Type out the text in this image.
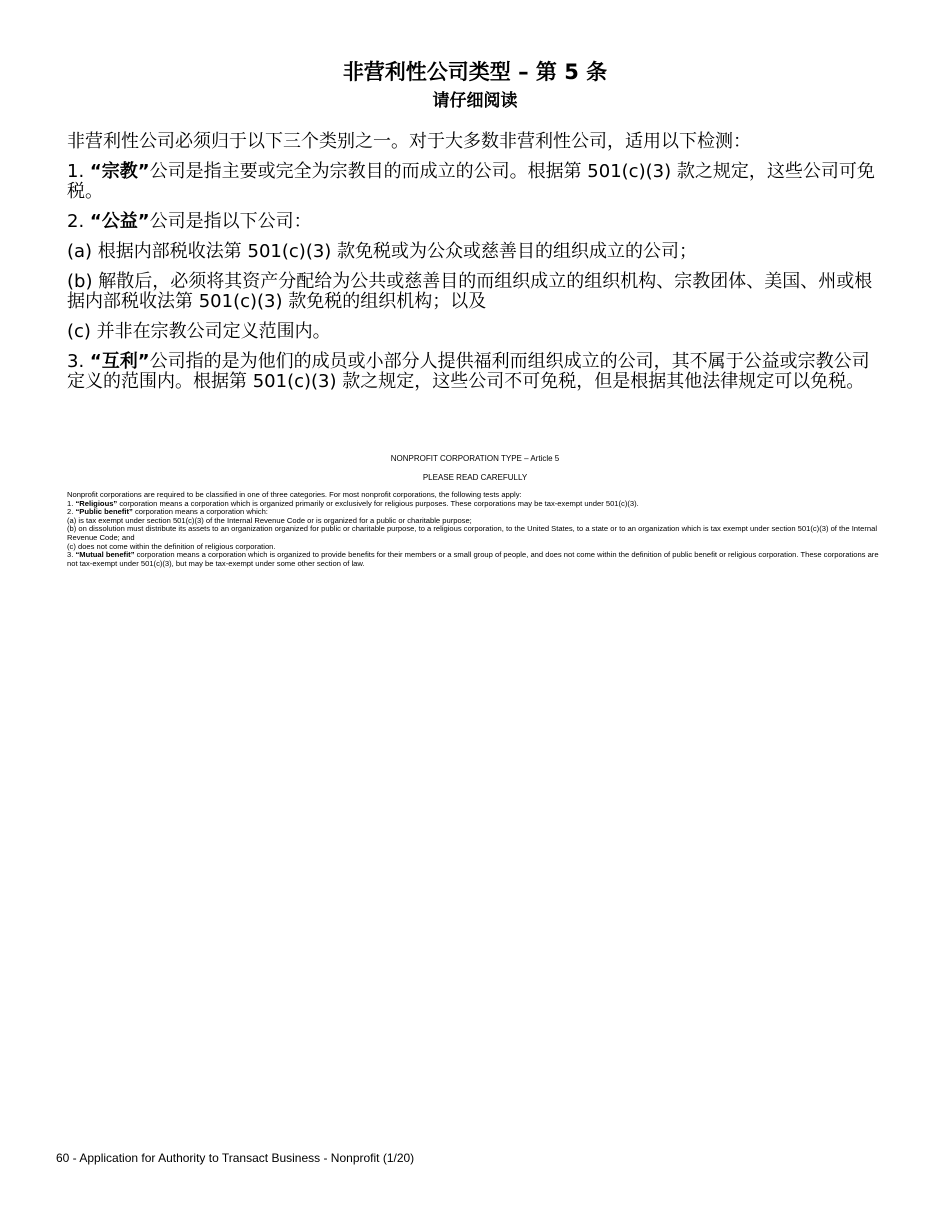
非营利性公司类型 – 第 5 条
请仔细阅读

非营利性公司必须归于以下三个类别之一。对于大多数非营利性公司，适用以下检测：

1. “宗教”公司是指主要或完全为宗教目的而成立的公司。根据第 501(c)(3) 款之规定，这些公司可免税。

2. “公益”公司是指以下公司：

(a) 根据内部税收法第 501(c)(3) 款免税或为公众或慈善目的组织成立的公司；

(b) 解散后，必须将其资产分配给为公共或慈善目的而组织成立的组织机构、宗教团体、美国、州或根据内部税收法第 501(c)(3) 款免税的组织机构；以及

(c) 并非在宗教公司定义范围内。

3. “互利”公司指的是为他们的成员或小部分人提供福利而组织成立的公司，其不属于公益或宗教公司定义的范围内。根据第 501(c)(3) 款之规定，这些公司不可免税，但是根据其他法律规定可以免税。

NONPROFIT CORPORATION TYPE – Article 5
PLEASE READ CAREFULLY

Nonprofit corporations are required to be classified in one of three categories. For most nonprofit corporations, the following tests apply:

1. “Religious” corporation means a corporation which is organized primarily or exclusively for religious purposes. These corporations may be tax-exempt under 501(c)(3).

2. “Public benefit” corporation means a corporation which:

(a) is tax exempt under section 501(c)(3) of the Internal Revenue Code or is organized for a public or charitable purpose;

(b) on dissolution must distribute its assets to an organization organized for public or charitable purpose, to a religious corporation, to the United States, to a state or to an organization which is tax exempt under section 501(c)(3) of the Internal Revenue Code; and

(c) does not come within the definition of religious corporation.

3. “Mutual benefit” corporation means a corporation which is organized to provide benefits for their members or a small group of people, and does not come within the definition of public benefit or religious corporation. These corporations are not tax-exempt under 501(c)(3), but may be tax-exempt under some other section of law.

60 - Application for Authority to Transact Business - Nonprofit (1/20)
